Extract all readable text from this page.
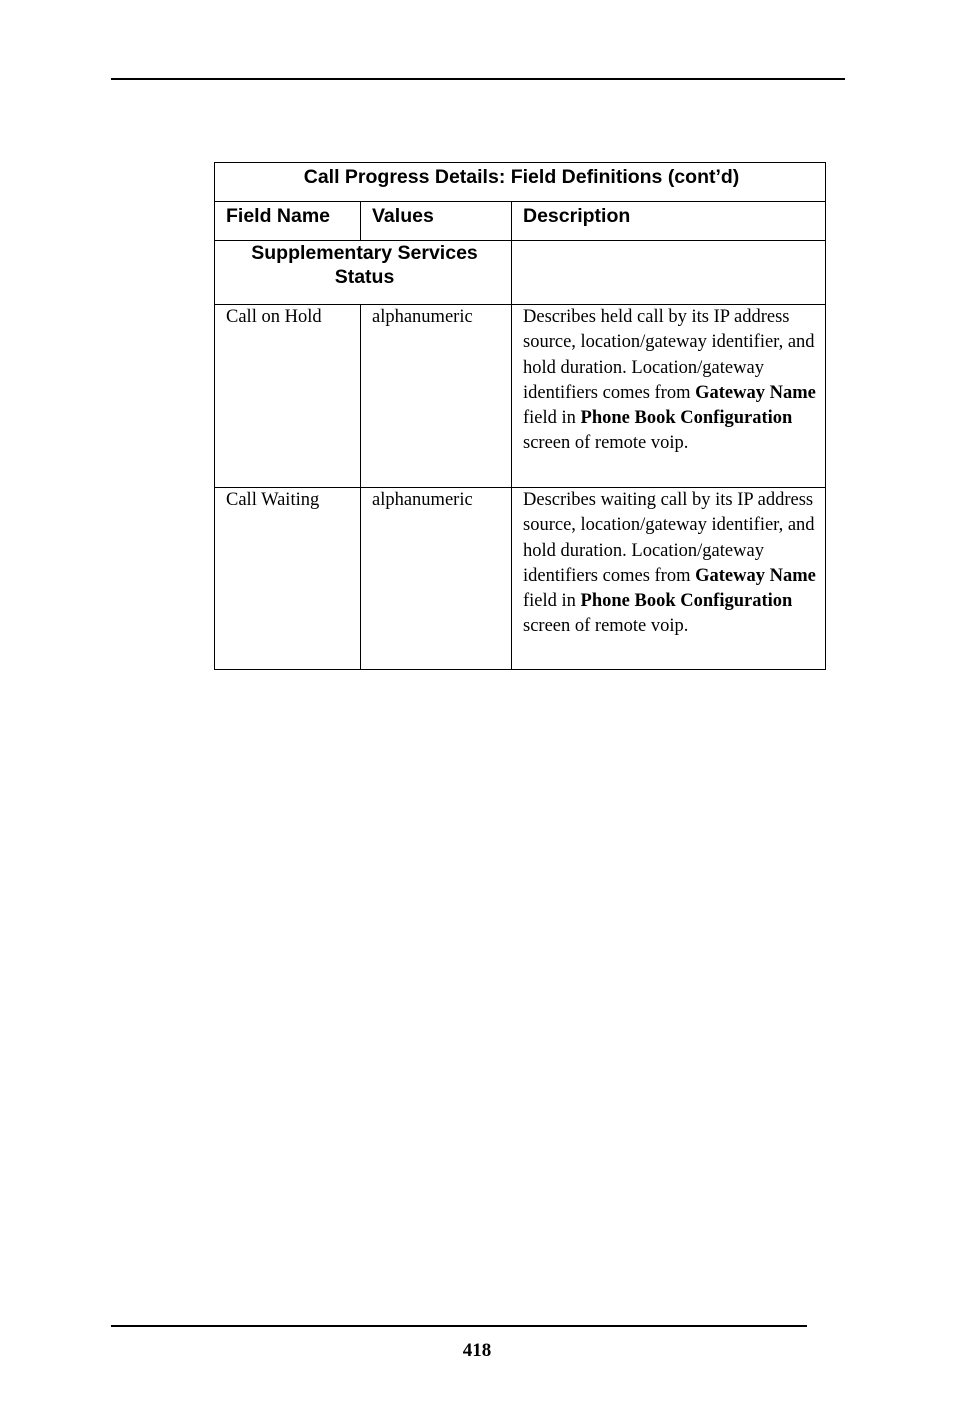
Call Progress Details: Field Definitions (cont’d)		
Field Name	Values	Description
Supplementary Services Status		
Call on Hold	alphanumeric	Describes held call by its IP address source, location/gateway identifier, and hold duration. Location/gateway identifiers comes from Gateway Name field in Phone Book Configuration screen of remote voip.
Call Waiting	alphanumeric	Describes waiting call by its IP address source, location/gateway identifier, and hold duration. Location/gateway identifiers comes from Gateway Name field in Phone Book Configuration screen of remote voip.
418
